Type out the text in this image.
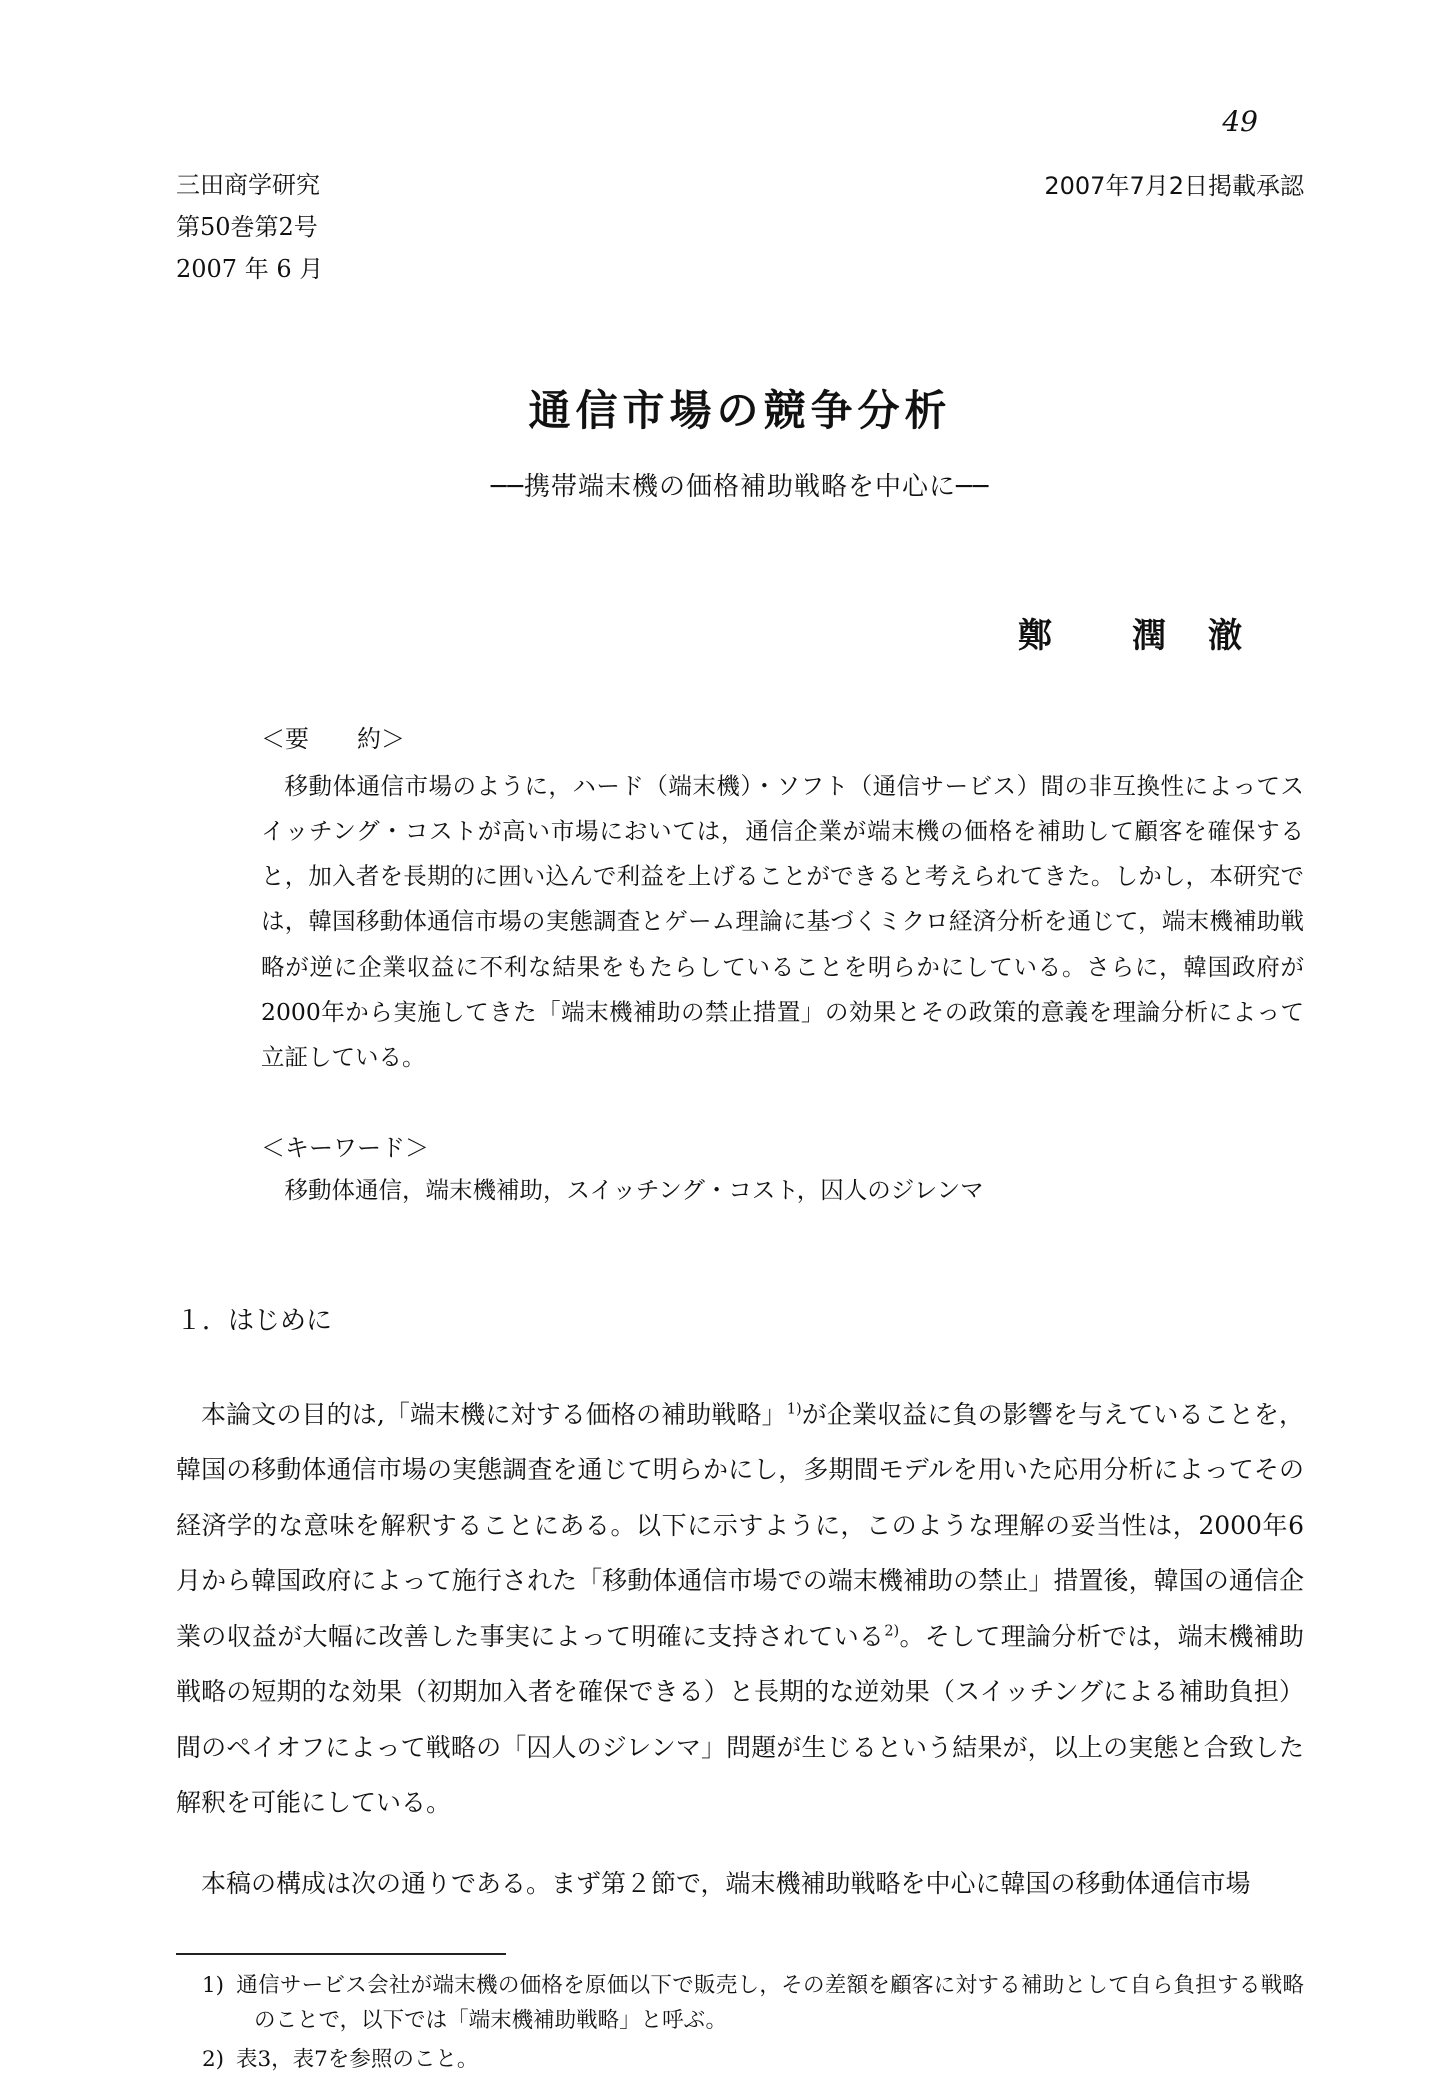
49
三田商学研究
第50巻第2号
2007 年 6 月
2007年7月2日掲載承認
通信市場の競争分析
──携帯端末機の価格補助戦略を中心に──
鄭　　潤　澈
＜要　　約＞
移動体通信市場のように，ハード（端末機）・ソフト（通信サービス）間の非互換性によってスイッチング・コストが高い市場においては，通信企業が端末機の価格を補助して顧客を確保すると，加入者を長期的に囲い込んで利益を上げることができると考えられてきた。しかし，本研究では，韓国移動体通信市場の実態調査とゲーム理論に基づくミクロ経済分析を通じて，端末機補助戦略が逆に企業収益に不利な結果をもたらしていることを明らかにしている。さらに，韓国政府が2000年から実施してきた「端末機補助の禁止措置」の効果とその政策的意義を理論分析によって立証している。
＜キーワード＞
移動体通信，端末機補助，スイッチング・コスト，囚人のジレンマ
１．はじめに

本論文の目的は,「端末機に対する価格の補助戦略」$^{1)}$が企業収益に負の影響を与えていることを，韓国の移動体通信市場の実態調査を通じて明らかにし，多期間モデルを用いた応用分析によってその経済学的な意味を解釈することにある。以下に示すように，このような理解の妥当性は，2000年6月から韓国政府によって施行された「移動体通信市場での端末機補助の禁止」措置後，韓国の通信企業の収益が大幅に改善した事実によって明確に支持されている$^{2)}$。そして理論分析では，端末機補助戦略の短期的な効果（初期加入者を確保できる）と長期的な逆効果（スイッチングによる補助負担）間のペイオフによって戦略の「囚人のジレンマ」問題が生じるという結果が，以上の実態と合致した解釈を可能にしている。

本稿の構成は次の通りである。まず第２節で，端末機補助戦略を中心に韓国の移動体通信市場

1) 通信サービス会社が端末機の価格を原価以下で販売し，その差額を顧客に対する補助として自ら負担する戦略のことで，以下では「端末機補助戦略」と呼ぶ。
2) 表3，表7を参照のこと。
